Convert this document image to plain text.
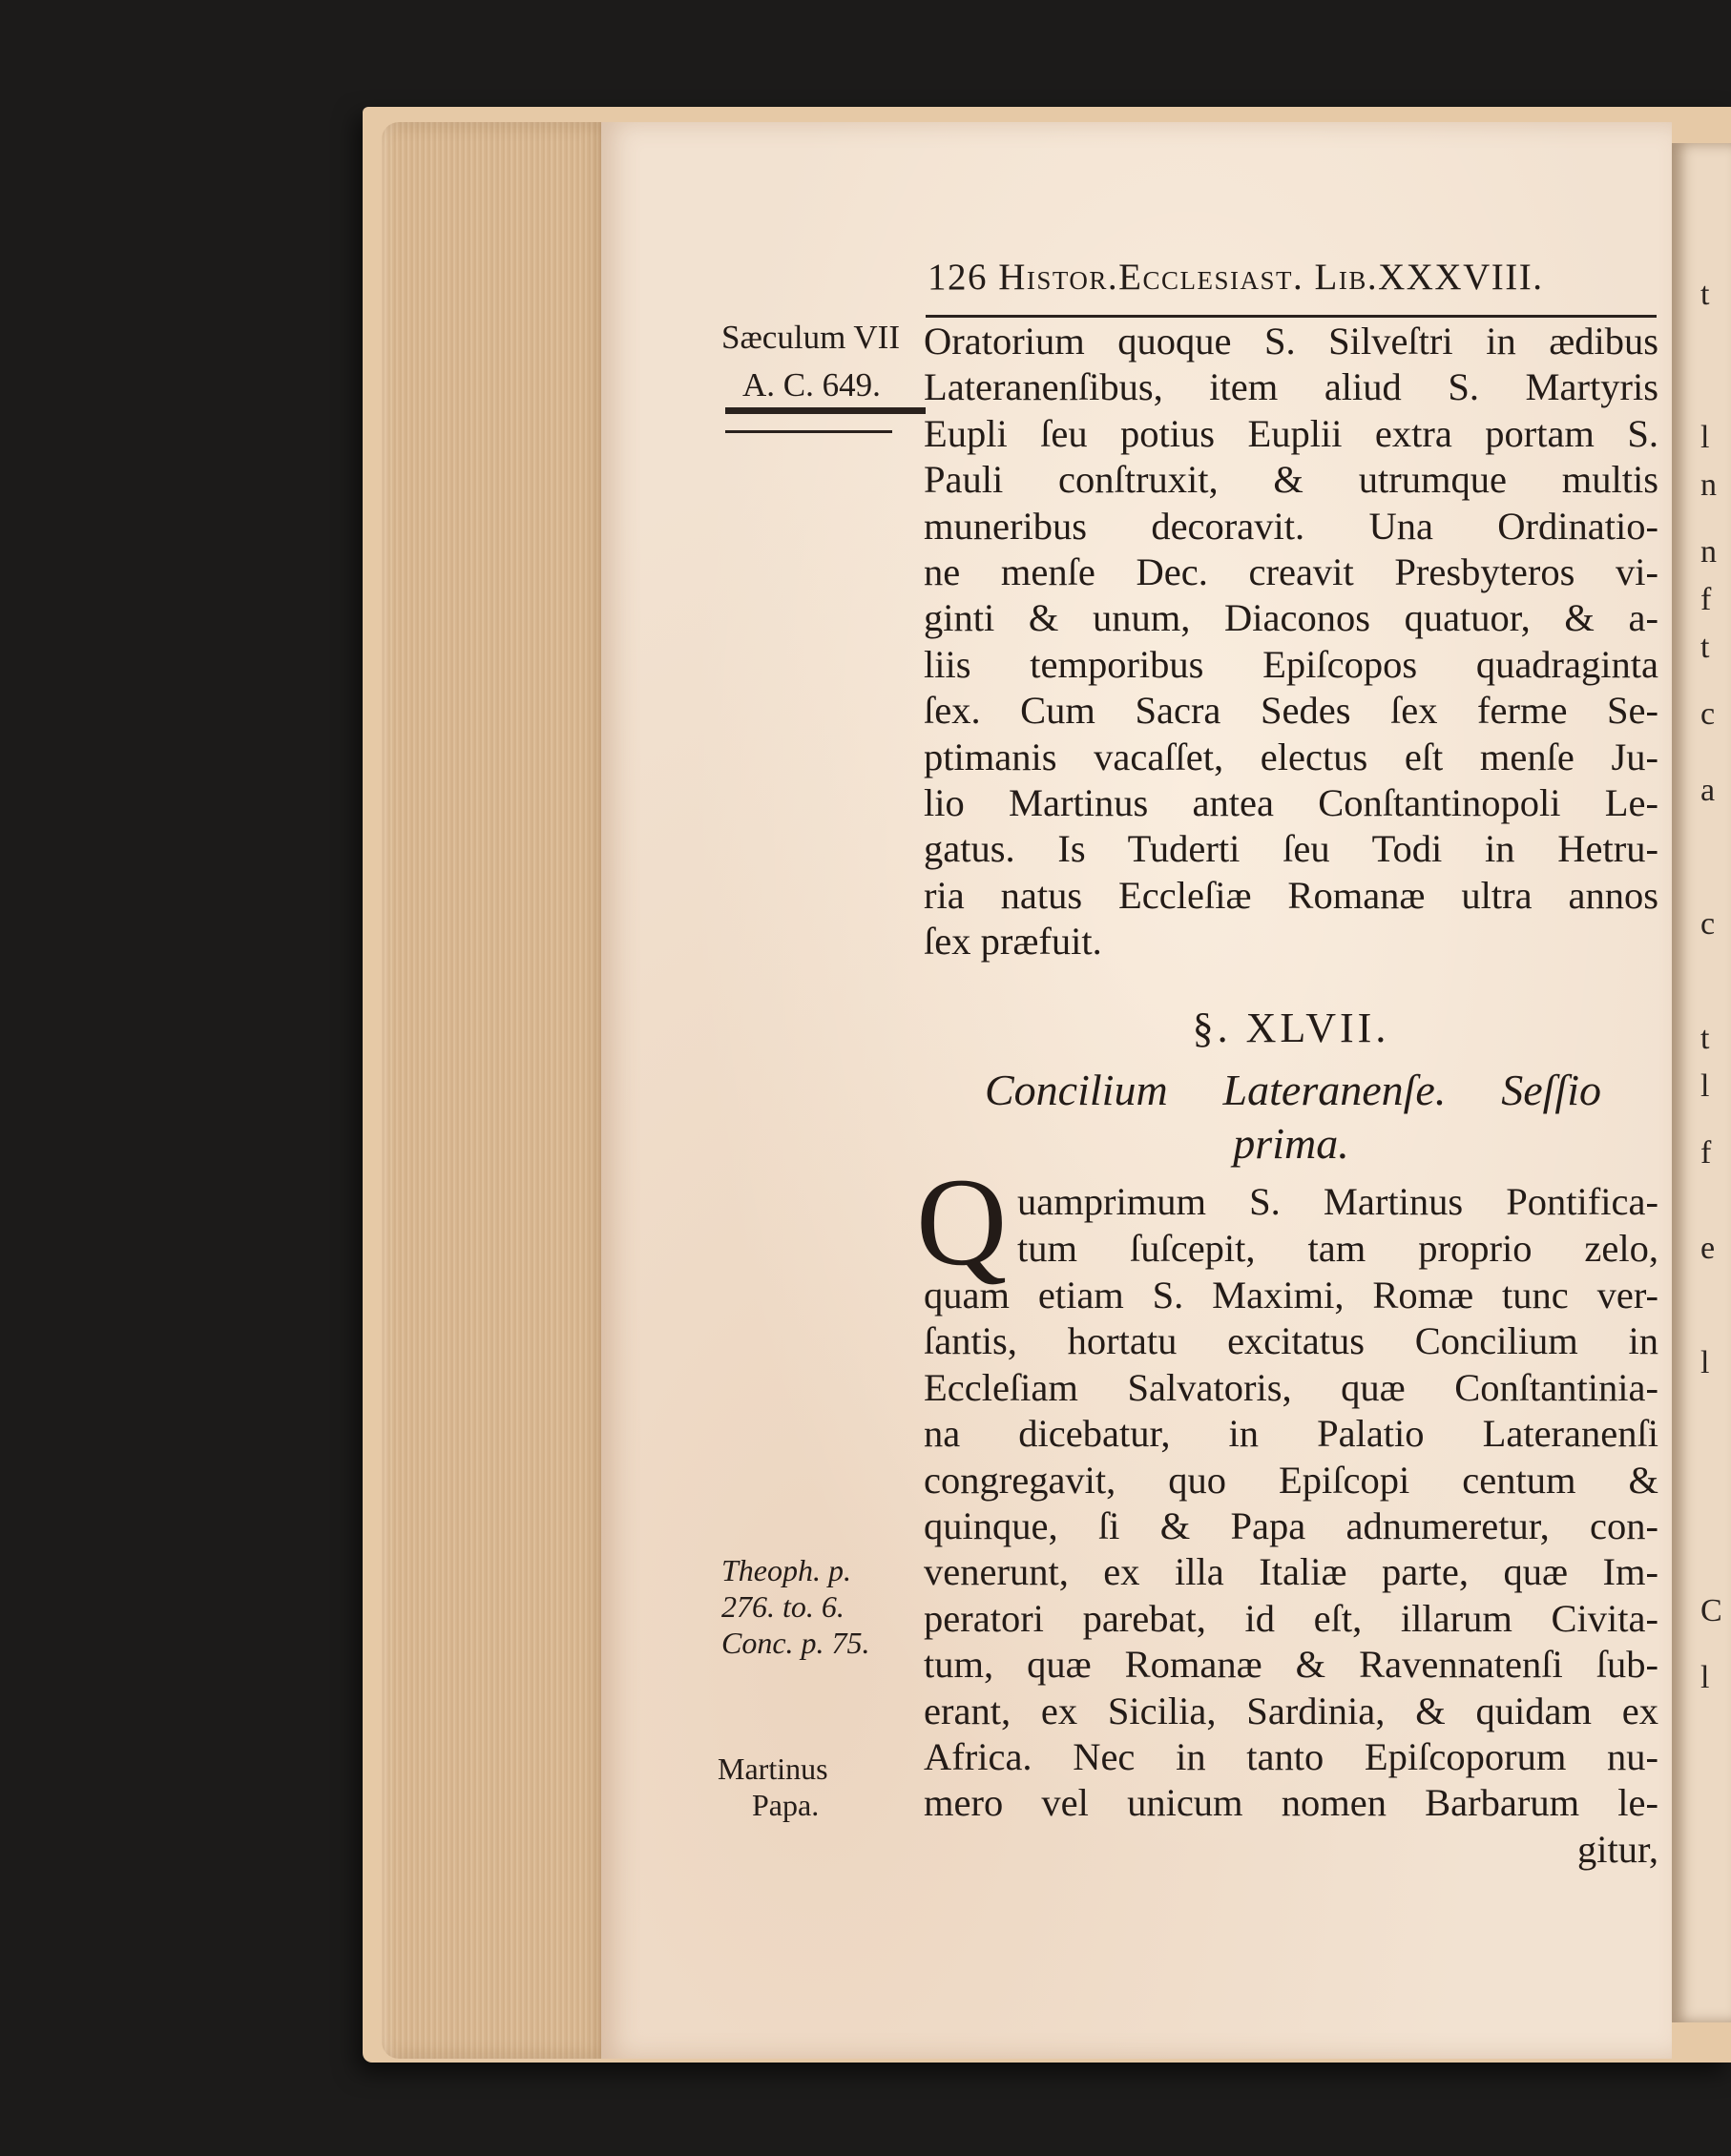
t
l
n
n
f
t
c
a
c
t
l
f
e
l
C
l
126 Histor.Ecclesiast. Lib.XXXVIII.
Sæculum VII
A. C. 649.
Theoph. p.
276. to. 6.
Conc. p. 75.
Martinus
Papa.
Oratorium quoque S. Silveſtri in ædibus
Lateranenſibus, item aliud S. Martyris
Eupli ſeu potius Euplii extra portam S.
Pauli conſtruxit, & utrumque multis
muneribus decoravit. Una Ordinatio-
ne menſe Dec. creavit Presbyteros vi-
ginti & unum, Diaconos quatuor, & a-
liis temporibus Epiſcopos quadraginta
ſex. Cum Sacra Sedes ſex ferme Se-
ptimanis vacaſſet, electus eſt menſe Ju-
lio Martinus antea Conſtantinopoli Le-
gatus. Is Tuderti ſeu Todi in Hetru-
ria natus Eccleſiæ Romanæ ultra annos
ſex præfuit.
§. XLVII.
Concilium Lateranenſe. Seſſio
prima.
Q uamprimum S. Martinus Pontifica-
tum ſuſcepit, tam proprio zelo,
quam etiam S. Maximi, Romæ tunc ver-
ſantis, hortatu excitatus Concilium in
Eccleſiam Salvatoris, quæ Conſtantinia-
na dicebatur, in Palatio Lateranenſi
congregavit, quo Epiſcopi centum &
quinque, ſi & Papa adnumeretur, con-
venerunt, ex illa Italiæ parte, quæ Im-
peratori parebat, id eſt, illarum Civita-
tum, quæ Romanæ & Ravennatenſi ſub-
erant, ex Sicilia, Sardinia, & quidam ex
Africa. Nec in tanto Epiſcoporum nu-
mero vel unicum nomen Barbarum le-
gitur,
